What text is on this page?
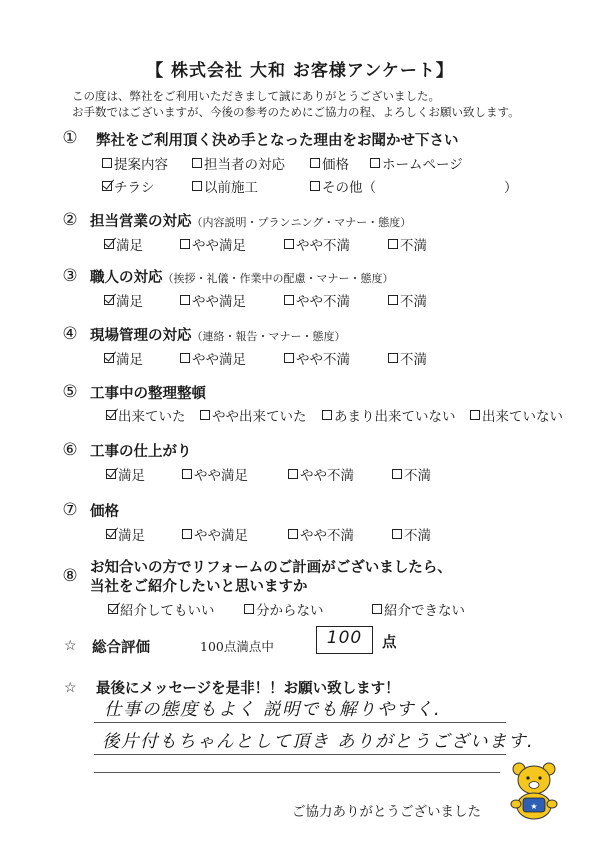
【 株式会社 大和 お客様アンケート】
この度は、弊社をご利用いただきまして誠にありがとうございました。
お手数ではございますが、今後の参考のためにご協力の程、よろしくお願い致します。
①	弊社をご利用頂く決め手となった理由をお聞かせ下さい
提案内容	担当者の対応	価格 ホームページ
チラシ	以前施工	その他（	）
② 担当営業の対応（内容説明・プランニング・マナー・態度）
満足	やや満足	やや不満	不満
③ 職人の対応（挨拶・礼儀・作業中の配慮・マナー・態度）
満足	やや満足	やや不満	不満
④ 現場管理の対応（連絡・報告・マナー・態度）
満足	やや満足	やや不満	不満
⑤ 工事中の整理整頓
出来ていた やや出来ていた あまり出来ていない 出来ていない
⑥ 工事の仕上がり
満足	やや満足	やや不満	不満
⑦ 価格
満足	やや満足	やや不満	不満
⑧ お知合いの方でリフォームのご計画がございましたら、
当社をご紹介したいと思いますか
紹介してもいい	分からない	紹介できない
☆ 総合評価	100点満点中	100	点
☆ 最後にメッセージを是非！！お願い致します！
仕事の態度もよく 説明でも解りやすく.
後片付もちゃんとして頂き ありがとうございます.
★
ご協力ありがとうございました
